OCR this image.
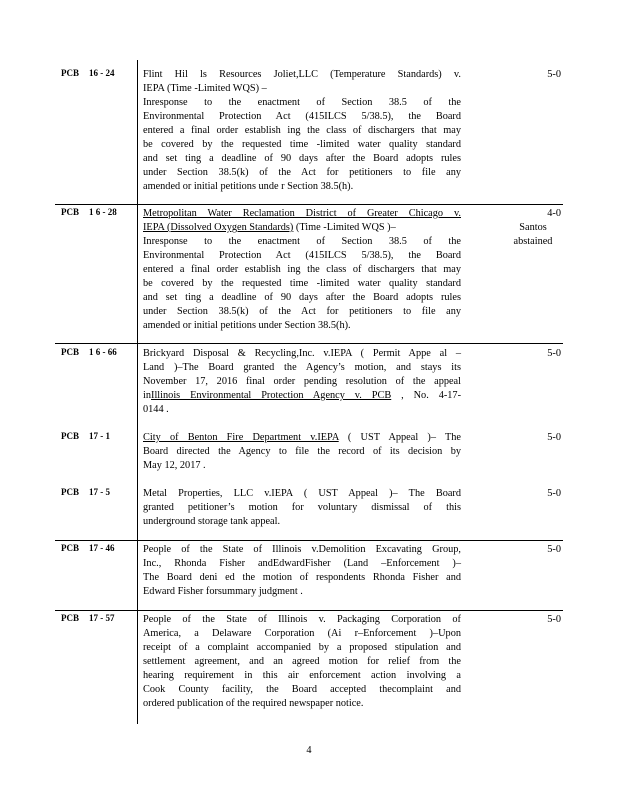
PCB 16 - 24	Flint Hil ls Resources Joliet,LLC (Temperature Standards) v.
IEPA (Time -Limited WQS) –
Inresponse to the enactment of Section 38.5 of the
Environmental Protection Act (415ILCS 5/38.5), the Board
entered a final order establish ing the class of dischargers that may
be covered by the requested time -limited water quality standard
and set ting a deadline of 90 days after the Board adopts rules
under Section 38.5(k) of the Act for petitioners to file any
amended or initial petitions unde r Section 38.5(h).
5-0
PCB 1 6 - 28	Metropolitan Water Reclamation District of Greater Chicago v.
IEPA (Dissolved Oxygen Standards) (Time -Limited WQS )–
Inresponse to the enactment of Section 38.5 of the
Environmental Protection Act (415ILCS 5/38.5), the Board
entered a final order establish ing the class of dischargers that may
be covered by the requested time -limited water quality standard
and set ting a deadline of 90 days after the Board adopts rules
under Section 38.5(k) of the Act for petitioners to file any
amended or initial petitions under Section 38.5(h).
4-0
Santos
abstained
PCB 1 6 - 66	Brickyard Disposal & Recycling,Inc. v.IEPA ( Permit Appe al –
Land )–The Board granted the Agency’s motion, and stays its
November 17, 2016 final order pending resolution of the appeal
inIllinois Environmental Protection Agency v. PCB , No. 4-17-
0144 .
5-0
PCB 17 - 1	City of Benton Fire Department v.IEPA ( UST Appeal )– The
Board directed the Agency to file the record of its decision by
May 12, 2017 .
5-0
PCB 17 - 5	Metal Properties, LLC v.IEPA ( UST Appeal )– The Board
granted petitioner’s motion for voluntary dismissal of this
underground storage tank appeal.
5-0
PCB 17 - 46	People of the State of Illinois v.Demolition Excavating Group,
Inc., Rhonda Fisher andEdwardFisher (Land –Enforcement )–
The Board deni ed the motion of respondents Rhonda Fisher and
Edward Fisher forsummary judgment .
5-0
PCB 17 - 57	People of the State of Illinois v. Packaging Corporation of
America, a Delaware Corporation (Ai r–Enforcement )–Upon
receipt of a complaint accompanied by a proposed stipulation and
settlement agreement, and an agreed motion for relief from the
hearing requirement in this air enforcement action involving a
Cook County facility, the Board accepted thecomplaint and
ordered publication of the required newspaper notice.
5-0
4
